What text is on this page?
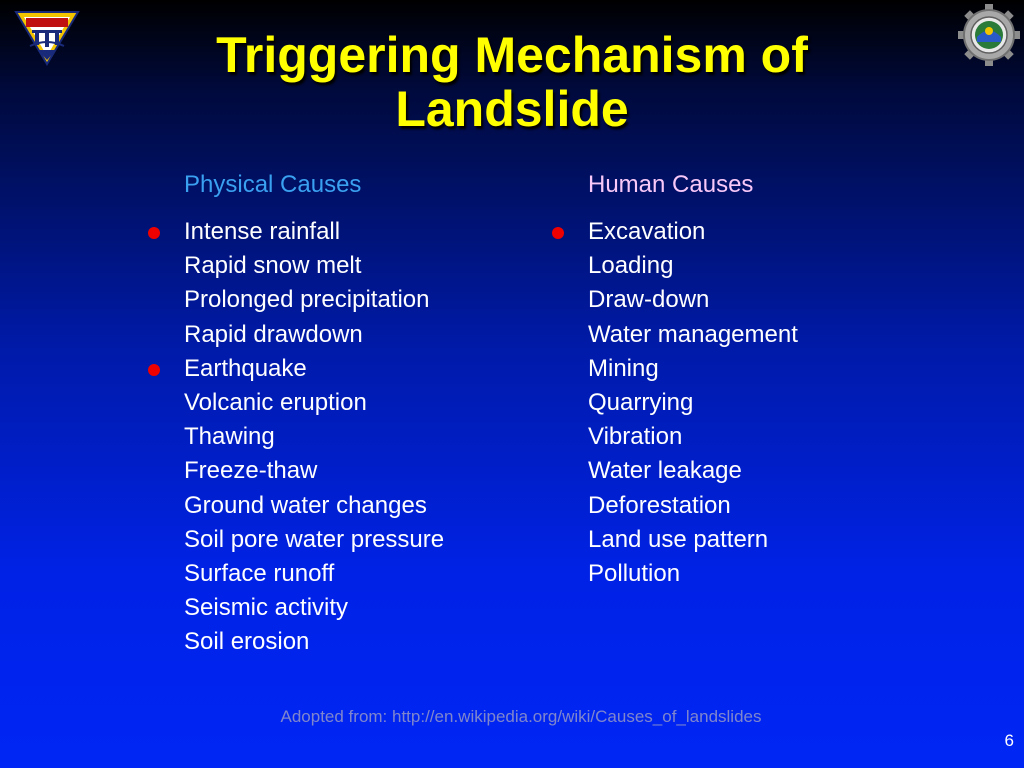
Triggering Mechanism of
Landslide

Physical Causes	Human Causes

Intense rainfall
Rapid snow melt
Prolonged precipitation
Rapid drawdown
Earthquake
Volcanic eruption
Thawing
Freeze-thaw
Ground water changes
Soil pore water pressure
Surface runoff
Seismic activity
Soil erosion
Excavation
Loading
Draw-down
Water management
Mining
Quarrying
Vibration
Water leakage
Deforestation
Land use pattern
Pollution
Adopted from: http://en.wikipedia.org/wiki/Causes_of_landslides
6
